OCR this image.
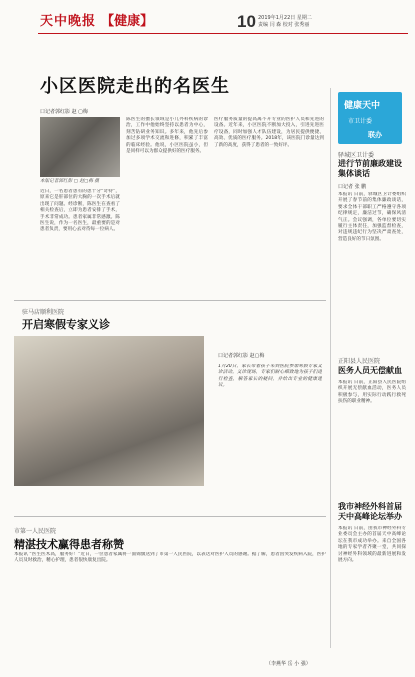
天中晚报 【健康】	10 2019年1月22日 星期二
责编 闫 森 校对 张秀丽
小区医院走出的名医生
口记者郭红影 赵 ▢梅
本版记者郭红影 ▢ 赵▢梅 摄
近日，一名患者患有的患十分“奇特”，原来它是肝部位的大胸的一次手术后就出现了问题。经诊断，陈医生在查看了相关检查后，立即为患者安排了手术，手术非常成功。患者家属非常感激。陈医生说，作为一名医生，最重要的是对患者负责，要用心去对待每一位病人。
陈医生的擅长领域是小儿外科疾病的诊治，工作中他始终坚持以患者为中心，刻苦钻研业务知识。多年来，他先后参加过多项学术交流和进修，积累了丰富的临床经验。他说，小区医院虽小，但是同样可以为群众提供好的医疗服务。
医疗服务质量的提高离不开专业的医护人员和先进的设备。近年来，小区医院不断加大投入，引进先进医疗设备，同时加强人才队伍建设，为居民提供便捷、高效、优质的医疗服务。2018年，该医院门诊量达到了新的高度，获得了患者的一致好评。
健康天中
市卫计委
联办
驿城区卫计委
进行节前廉政建设集体谈话
口记者 张 鹏
本报讯 日前，驿城区卫计委组织开展了春节前的集体廉政谈话，要求全体干部职工严格遵守各项纪律规定，廉洁过节，确保风清气正。会议强调，各单位要切实履行主体责任，加强监督检查，对违规违纪行为坚决严肃查处，营造良好的节日氛围。
正阳县人民医院
医务人员无偿献血
本报讯 日前，正阳县人民医院组织开展无偿献血活动，医务人员积极参与，用实际行动践行救死扶伤的职业精神。
我市神经外科首届天中高峰论坛举办
本报讯 日前，由我市神经外科专业委员会主办的首届天中高峰论坛在我市成功举办。来自全国各地的专家学者齐聚一堂，共同探讨神经外科领域的最新进展和发展方向。
驻马店顺利医院
开启寒假专家义诊
口记者郭红影 赵▢梅
1月20日，家长带着孩子来到医院参加寒假专家义诊活动。义诊现场，专家们耐心细致地为孩子们进行检查，解答家长的疑问，并给出专业的健康建议。
市第一人民医院
精湛技术赢得患者称赞
本报讯 “医生医术高，服务好！”近日，一位患者家属将一面锦旗送到了市第一人民医院，以表达对医护人员的感谢。据了解，患者因突发疾病入院，医护人员及时救治，精心护理，患者很快康复出院。
（李燕华 岳 小 强）
